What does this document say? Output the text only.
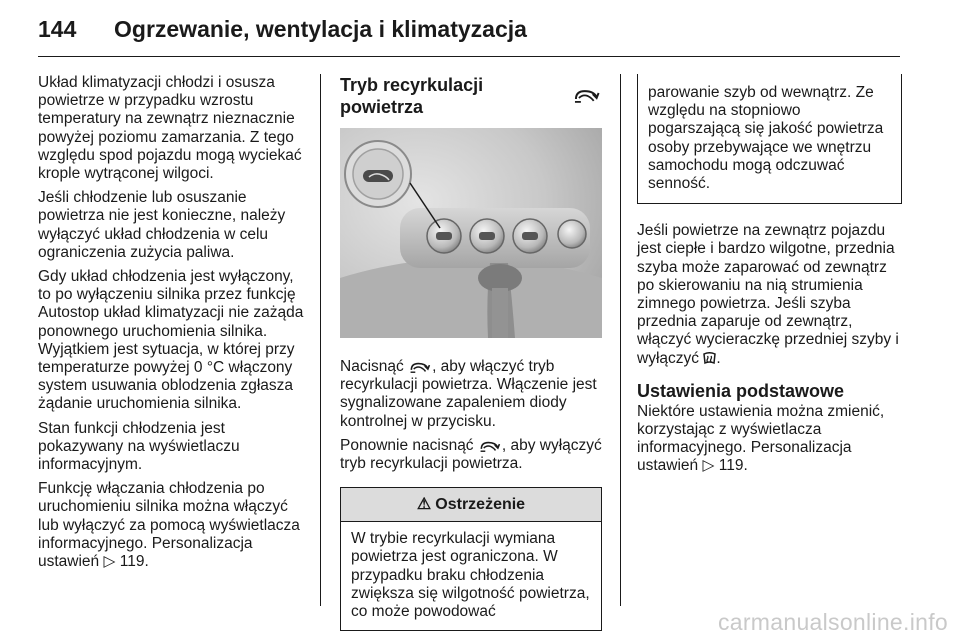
144	Ogrzewanie, wentylacja i klimatyzacja

Układ klimatyzacji chłodzi i osusza powietrze w przypadku wzrostu temperatury na zewnątrz nieznacznie powyżej poziomu zamarzania. Z tego względu spod pojazdu mogą wyciekać krople wytrąconej wilgoci.

Jeśli chłodzenie lub osuszanie powietrza nie jest konieczne, należy wyłączyć układ chłodzenia w celu ograniczenia zużycia paliwa.

Gdy układ chłodzenia jest wyłączony, to po wyłączeniu silnika przez funkcję Autostop układ klimatyzacji nie zażąda ponownego uruchomienia silnika. Wyjątkiem jest sytuacja, w której przy temperaturze powyżej 0 °C włączony system usuwania oblodzenia zgłasza żądanie uruchomienia silnika.

Stan funkcji chłodzenia jest pokazywany na wyświetlaczu informacyjnym.

Funkcję włączania chłodzenia po uruchomieniu silnika można włączyć lub wyłączyć za pomocą wyświetlacza informacyjnego. Personalizacja ustawień ▷ 119.

Tryb recyrkulacji powietrza

Nacisnąć , aby włączyć tryb recyrkulacji powietrza. Włączenie jest sygnalizowane zapaleniem diody kontrolnej w przycisku.

Ponownie nacisnąć , aby wyłączyć tryb recyrkulacji powietrza.

⚠ Ostrzeżenie
W trybie recyrkulacji wymiana powietrza jest ograniczona. W przypadku braku chłodzenia zwiększa się wilgotność powietrza, co może powodować
parowanie szyb od wewnątrz. Ze względu na stopniowo pogarszającą się jakość powietrza osoby przebywające we wnętrzu samochodu mogą odczuwać senność.

Jeśli powietrze na zewnątrz pojazdu jest ciepłe i bardzo wilgotne, przednia szyba może zaparować od zewnątrz po skierowaniu na nią strumienia zimnego powietrza. Jeśli szyba przednia zaparuje od zewnątrz, włączyć wycieraczkę przedniej szyby i wyłączyć .

Ustawienia podstawowe

Niektóre ustawienia można zmienić, korzystając z wyświetlacza informacyjnego. Personalizacja ustawień ▷ 119.

carmanualsonline.info
